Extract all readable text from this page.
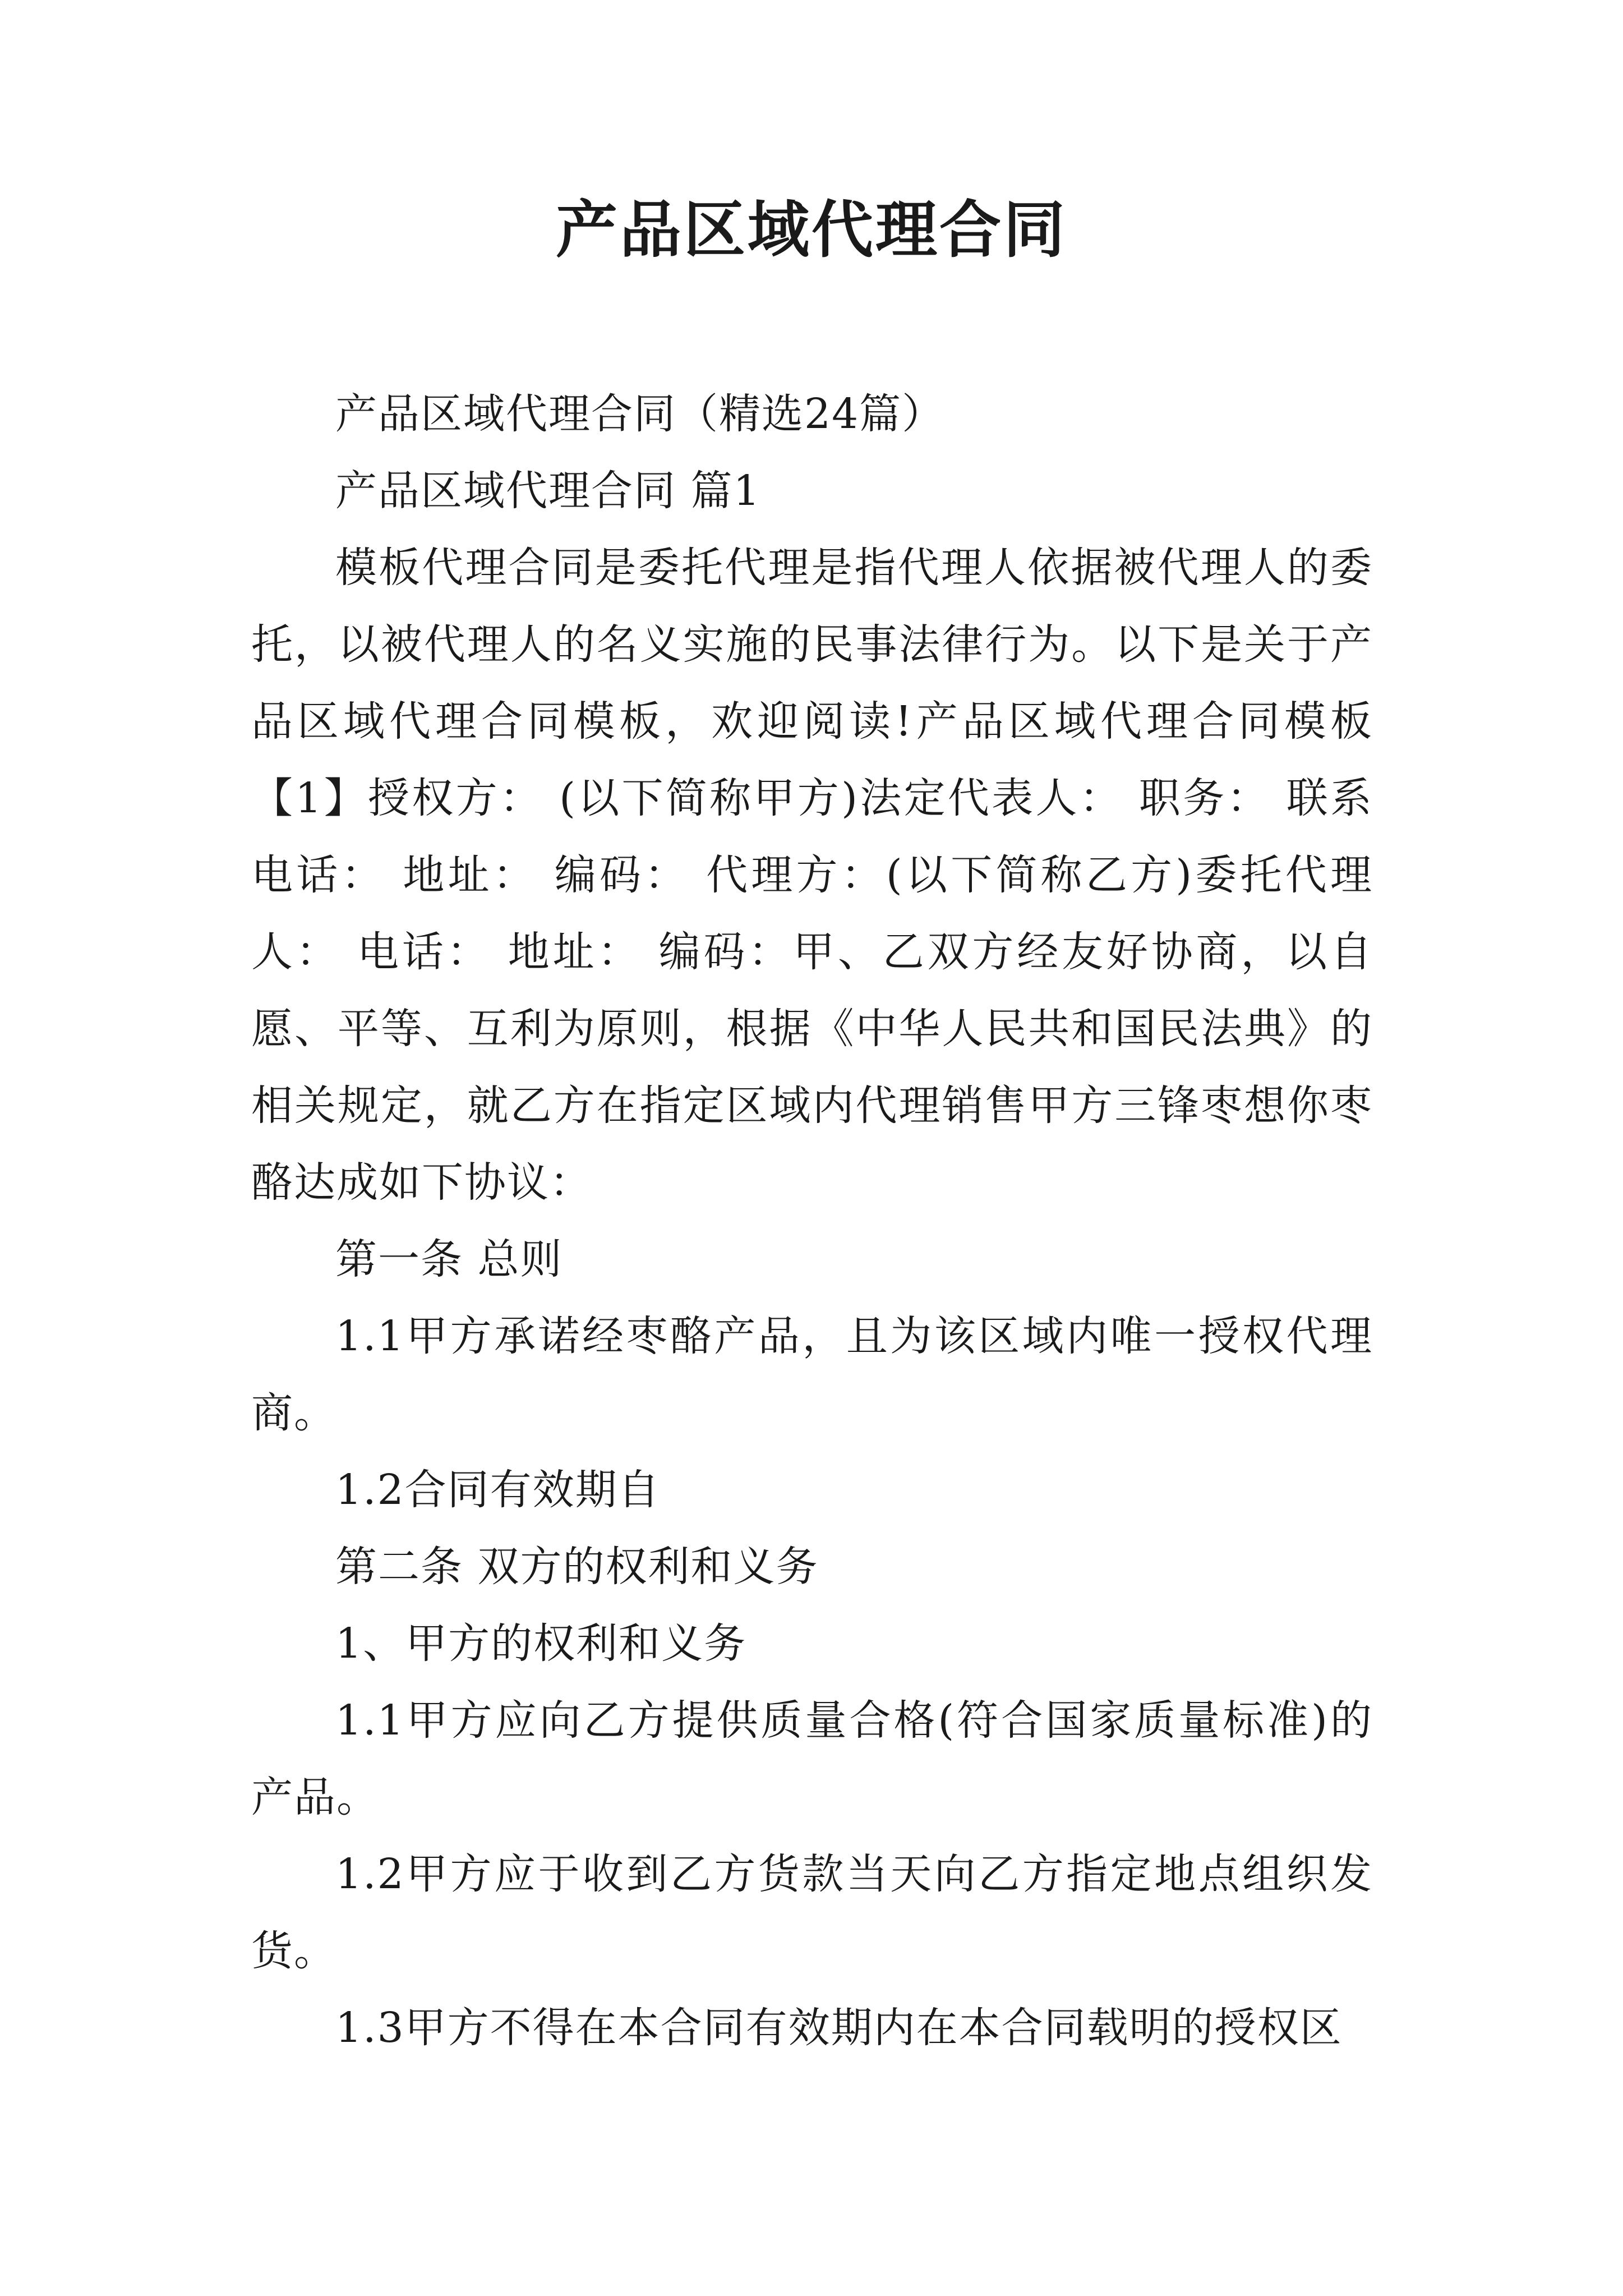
产品区域代理合同

产品区域代理合同（精选24篇）

产品区域代理合同 篇1

模板代理合同是委托代理是指代理人依据被代理人的委托，以被代理人的名义实施的民事法律行为。以下是关于产品区域代理合同模板，欢迎阅读!产品区域代理合同模板【1】授权方： (以下简称甲方)法定代表人： 职务： 联系电话： 地址： 编码： 代理方：(以下简称乙方)委托代理人： 电话： 地址： 编码：甲、乙双方经友好协商，以自愿、平等、互利为原则，根据《中华人民共和国民法典》的相关规定，就乙方在指定区域内代理销售甲方三锋枣想你枣酪达成如下协议：

第一条 总则

1.1甲方承诺经枣酪产品，且为该区域内唯一授权代理商。

1.2合同有效期自

第二条 双方的权利和义务

1、甲方的权利和义务

1.1甲方应向乙方提供质量合格(符合国家质量标准)的产品。

1.2甲方应于收到乙方货款当天向乙方指定地点组织发货。

1.3甲方不得在本合同有效期内在本合同载明的授权区
